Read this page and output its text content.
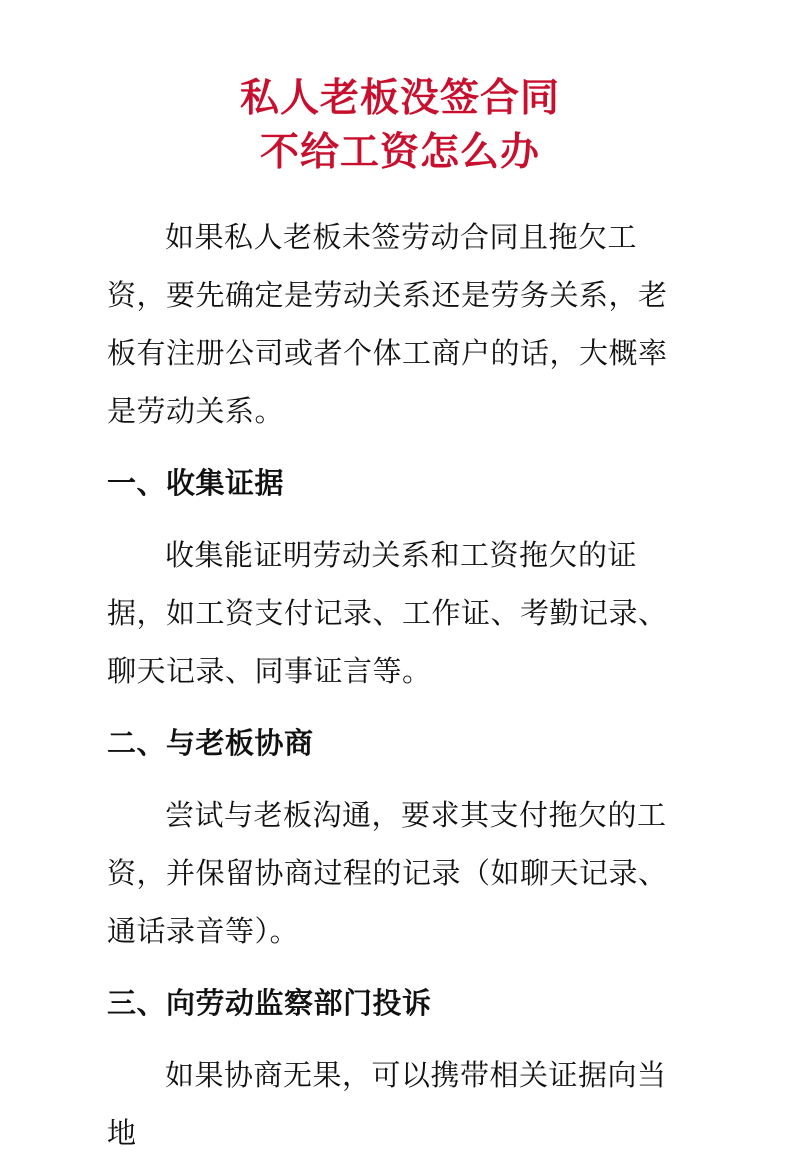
私人老板没签合同
不给工资怎么办

如果私人老板未签劳动合同且拖欠工资，要先确定是劳动关系还是劳务关系，老板有注册公司或者个体工商户的话，大概率是劳动关系。

一、收集证据

收集能证明劳动关系和工资拖欠的证据，如工资支付记录、工作证、考勤记录、聊天记录、同事证言等。

二、与老板协商

尝试与老板沟通，要求其支付拖欠的工资，并保留协商过程的记录（如聊天记录、通话录音等）。

三、向劳动监察部门投诉

如果协商无果，可以携带相关证据向当地
